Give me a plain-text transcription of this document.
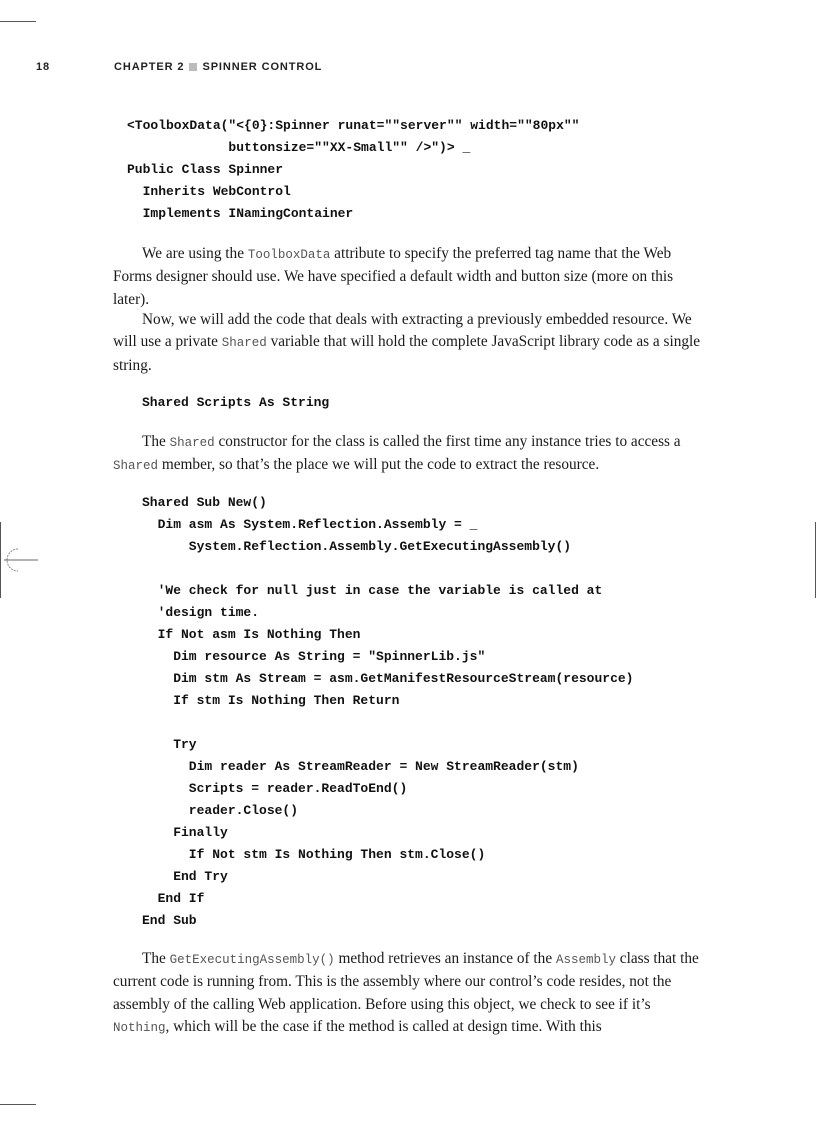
18	CHAPTER 2 SPINNER CONTROL
<ToolboxData("<{0}:Spinner runat=""server"" width=""80px""
buttonsize=""XX-Small"" />")> _
Public Class Spinner
Inherits WebControl
Implements INamingContainer

We are using the ToolboxData attribute to specify the preferred tag name that the Web Forms designer should use. We have specified a default width and button size (more on this later).

Now, we will add the code that deals with extracting a previously embedded resource. We will use a private Shared variable that will hold the complete JavaScript library code as a single string.

Shared Scripts As String

The Shared constructor for the class is called the first time any instance tries to access a Shared member, so that’s the place we will put the code to extract the resource.

Shared Sub New()
Dim asm As System.Reflection.Assembly = _
System.Reflection.Assembly.GetExecutingAssembly()

'We check for null just in case the variable is called at
'design time.
If Not asm Is Nothing Then
Dim resource As String = "SpinnerLib.js"
Dim stm As Stream = asm.GetManifestResourceStream(resource)
If stm Is Nothing Then Return

Try
Dim reader As StreamReader = New StreamReader(stm)
Scripts = reader.ReadToEnd()
reader.Close()
Finally
If Not stm Is Nothing Then stm.Close()
End Try
End If
End Sub

The GetExecutingAssembly() method retrieves an instance of the Assembly class that the current code is running from. This is the assembly where our control’s code resides, not the assembly of the calling Web application. Before using this object, we check to see if it’s Nothing, which will be the case if the method is called at design time. With this
